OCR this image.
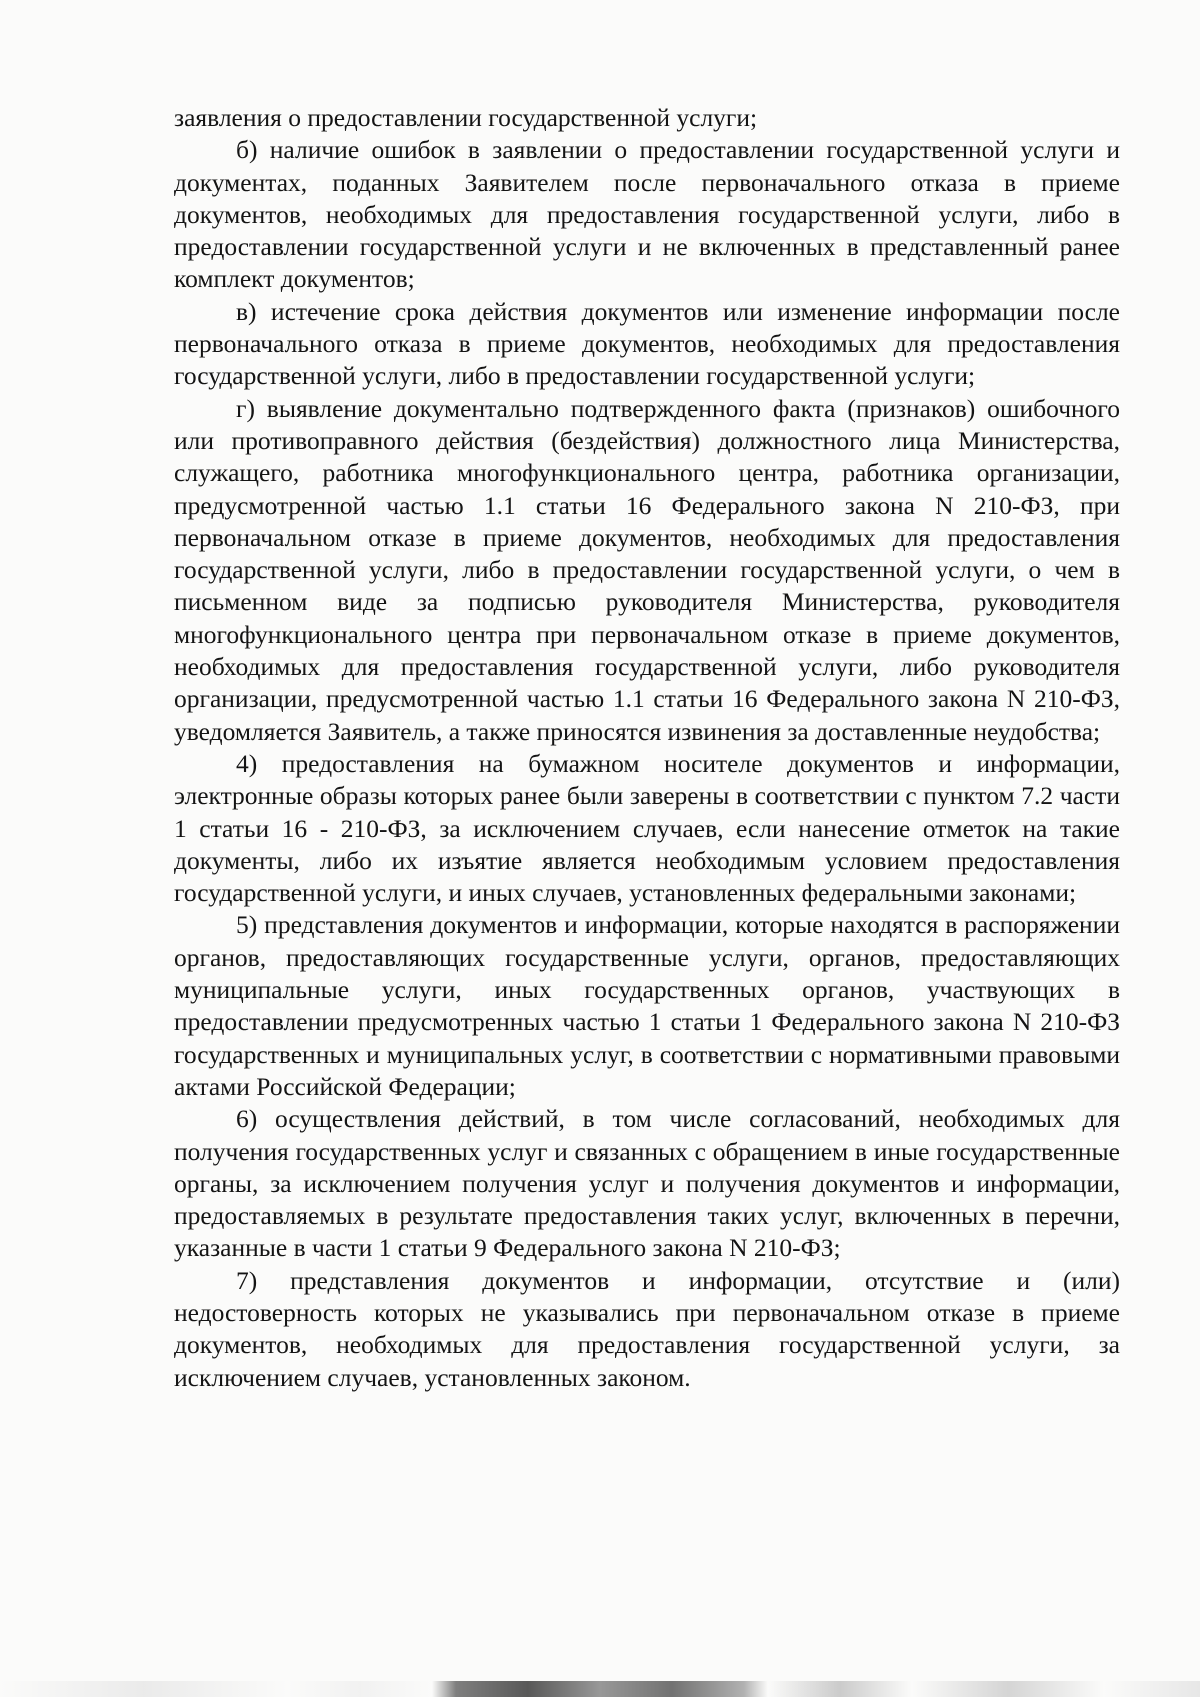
заявления о предоставлении государственной услуги;

б) наличие ошибок в заявлении о предоставлении государственной услуги и документах, поданных Заявителем после первоначального отказа в приеме документов, необходимых для предоставления государственной услуги, либо в предоставлении государственной услуги и не включенных в представленный ранее комплект документов;

в) истечение срока действия документов или изменение информации после первоначального отказа в приеме документов, необходимых для предоставления государственной услуги, либо в предоставлении государственной услуги;

г) выявление документально подтвержденного факта (признаков) ошибочного или противоправного действия (бездействия) должностного лица Министерства, служащего, работника многофункционального центра, работника организации, предусмотренной частью 1.1 статьи 16 Федерального закона N 210-ФЗ, при первоначальном отказе в приеме документов, необходимых для предоставления государственной услуги, либо в предоставлении государственной услуги, о чем в письменном виде за подписью руководителя Министерства, руководителя многофункционального центра при первоначальном отказе в приеме документов, необходимых для предоставления государственной услуги, либо руководителя организации, предусмотренной частью 1.1 статьи 16 Федерального закона N 210-ФЗ, уведомляется Заявитель, а также приносятся извинения за доставленные неудобства;

4) предоставления на бумажном носителе документов и информации, электронные образы которых ранее были заверены в соответствии с пунктом 7.2 части 1 статьи 16 - 210-ФЗ, за исключением случаев, если нанесение отметок на такие документы, либо их изъятие является необходимым условием предоставления государственной услуги, и иных случаев, установленных федеральными законами;

5) представления документов и информации, которые находятся в распоряжении органов, предоставляющих государственные услуги, органов, предоставляющих муниципальные услуги, иных государственных органов, участвующих в предоставлении предусмотренных частью 1 статьи 1 Федерального закона N 210-ФЗ государственных и муниципальных услуг, в соответствии с нормативными правовыми актами Российской Федерации;

6) осуществления действий, в том числе согласований, необходимых для получения государственных услуг и связанных с обращением в иные государственные органы, за исключением получения услуг и получения документов и информации, предоставляемых в результате предоставления таких услуг, включенных в перечни, указанные в части 1 статьи 9 Федерального закона N 210-ФЗ;

7) представления документов и информации, отсутствие и (или) недостоверность которых не указывались при первоначальном отказе в приеме документов, необходимых для предоставления государственной услуги, за исключением случаев, установленных законом.
